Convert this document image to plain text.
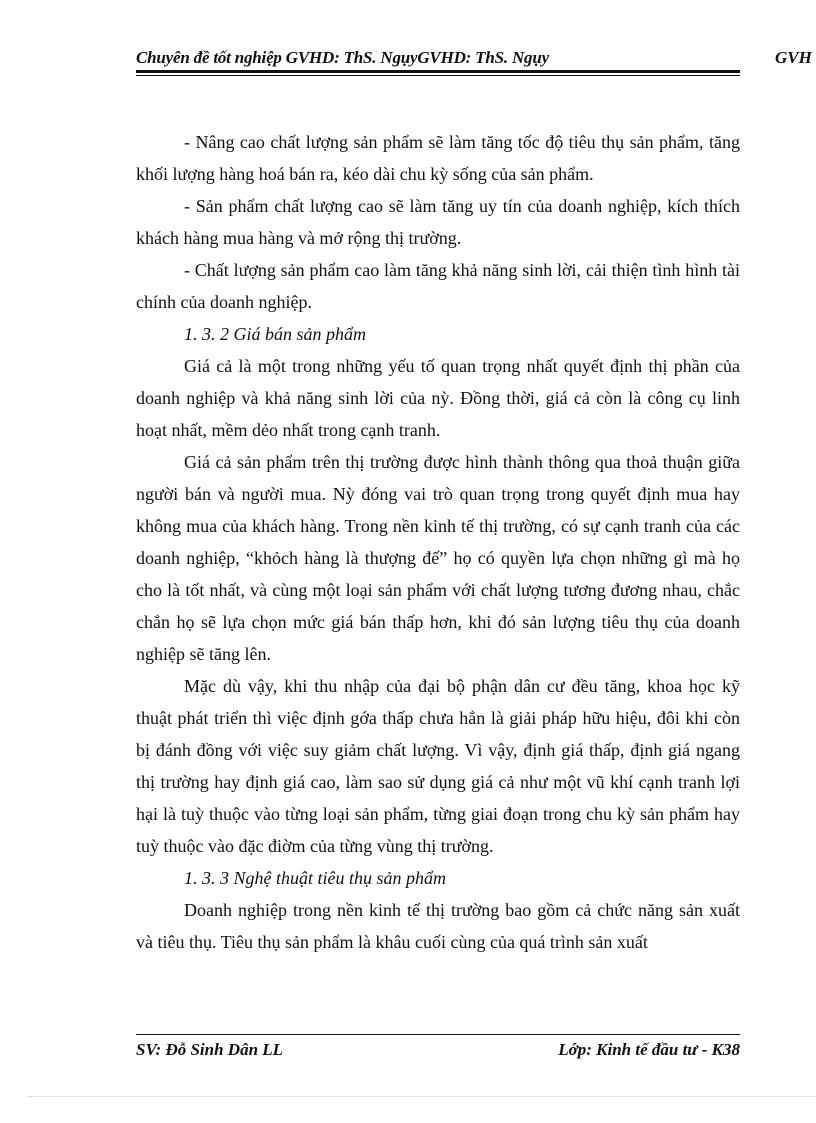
Chuyên đề tốt nghiệp GVHD: ThS. NgụyGVHD: ThS. Ngụy	GVH

- Nâng cao chất lượng sản phẩm sẽ làm tăng tốc độ tiêu thụ sản phẩm, tăng khối lượng hàng hoá bán ra, kéo dài chu kỳ sống của sản phẩm.

- Sản phẩm chất lượng cao sẽ làm tăng uy tín của doanh nghiệp, kích thích khách hàng mua hàng và mở rộng thị trường.

- Chất lượng sản phẩm cao làm tăng khả năng sinh lời, cải thiện tình hình tài chính của doanh nghiệp.

1. 3. 2 Giá bán sản phẩm

Giá cả là một trong những yếu tố quan trọng nhất quyết định thị phần của doanh nghiệp và khả năng sinh lời của nỳ. Đồng thời, giá cả còn là công cụ linh hoạt nhất, mềm dẻo nhất trong cạnh tranh.

Giá cả sản phẩm trên thị trường được hình thành thông qua thoả thuận giữa người bán và người mua. Nỳ đóng vai trò quan trọng trong quyết định mua hay không mua của khách hàng. Trong nền kinh tế thị trường, có sự cạnh tranh của các doanh nghiệp, “khỏch hàng là thượng đế” họ có quyền lựa chọn những gì mà họ cho là tốt nhất, và cùng một loại sản phẩm với chất lượng tương đương nhau, chắc chắn họ sẽ lựa chọn mức giá bán thấp hơn, khi đó sản lượng tiêu thụ của doanh nghiệp sẽ tăng lên.

Mặc dù vậy, khi thu nhập của đại bộ phận dân cư đều tăng, khoa học kỹ thuật phát triển thì việc định gớa thấp chưa hẳn là giải pháp hữu hiệu, đôi khi còn bị đánh đồng với việc suy giảm chất lượng. Vì vậy, định giá thấp, định giá ngang thị trường hay định giá cao, làm sao sử dụng giá cả như một vũ khí cạnh tranh lợi hại là tuỳ thuộc vào từng loại sản phẩm, từng giai đoạn trong chu kỳ sản phẩm hay tuỳ thuộc vào đặc điờm của từng vùng thị trường.

1. 3. 3 Nghệ thuật tiêu thụ sản phẩm

Doanh nghiệp trong nền kinh tế thị trường bao gồm cả chức năng sản xuất và tiêu thụ. Tiêu thụ sản phẩm là khâu cuối cùng của quá trình sản xuất

SV: Đỗ Sinh Dân LL	Lớp: Kinh tế đầu tư - K38
